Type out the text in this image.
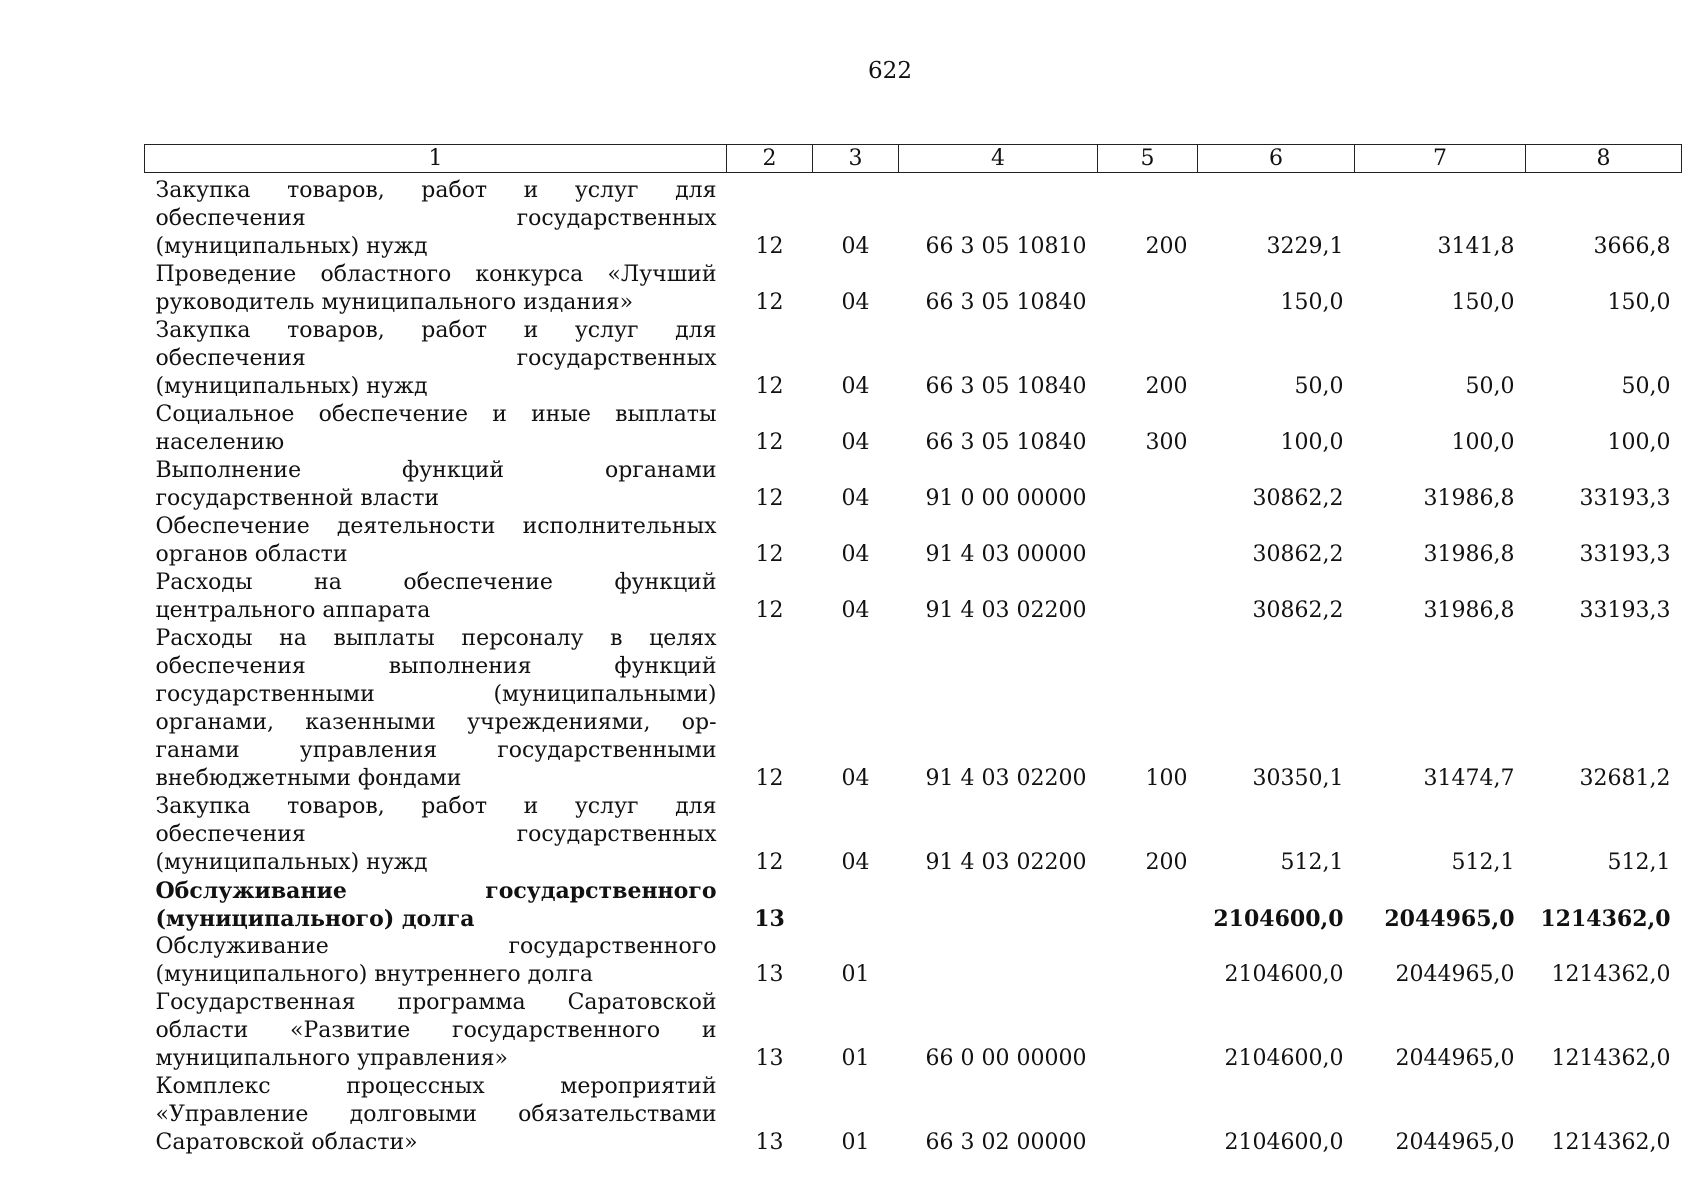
622
1	2	3	4	5	6	7	8
Закупка товаров, работ и услуг для обеспечения государственных (муниципальных) нужд	12	04	66 3 05 10810	200	3229,1	3141,8	3666,8
Проведение областного конкурса «Лучший руководитель муниципального издания»	12	04	66 3 05 10840		150,0	150,0	150,0
Закупка товаров, работ и услуг для обеспечения государственных (муниципальных) нужд	12	04	66 3 05 10840	200	50,0	50,0	50,0
Социальное обеспечение и иные выплаты населению	12	04	66 3 05 10840	300	100,0	100,0	100,0
Выполнение функций органами государственной власти	12	04	91 0 00 00000		30862,2	31986,8	33193,3
Обеспечение деятельности исполнительных органов области	12	04	91 4 03 00000		30862,2	31986,8	33193,3
Расходы на обеспечение функций центрального аппарата	12	04	91 4 03 02200		30862,2	31986,8	33193,3
Расходы на выплаты персоналу в целях обеспечения выполнения функций государственными (муниципальными) органами, казенными учреждениями, органами управления государственными внебюджетными фондами	12	04	91 4 03 02200	100	30350,1	31474,7	32681,2
Закупка товаров, работ и услуг для обеспечения государственных (муниципальных) нужд	12	04	91 4 03 02200	200	512,1	512,1	512,1
Обслуживание государственного (муниципального) долга	13				2104600,0	2044965,0	1214362,0
Обслуживание государственного (муниципального) внутреннего долга	13	01			2104600,0	2044965,0	1214362,0
Государственная программа Саратовской области «Развитие государственного и муниципального управления»	13	01	66 0 00 00000		2104600,0	2044965,0	1214362,0
Комплекс процессных мероприятий «Управление долговыми обязательствами Саратовской области»	13	01	66 3 02 00000		2104600,0	2044965,0	1214362,0
